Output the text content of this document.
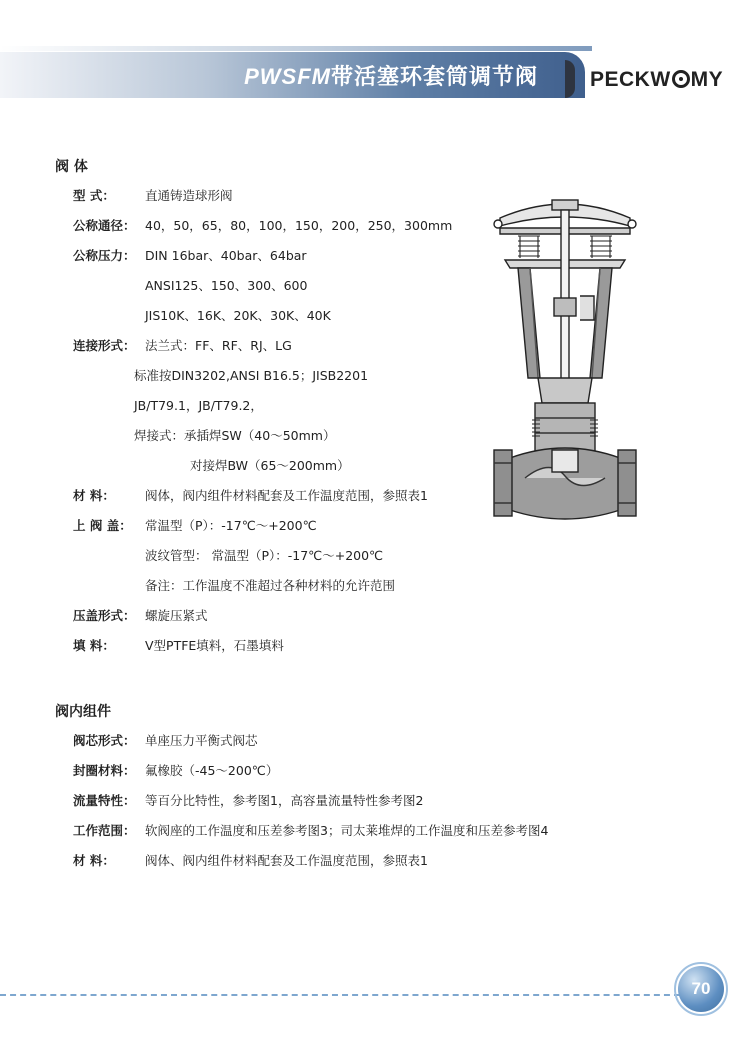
PWSFM带活塞环套筒调节阀 PECKW MY
阀 体
型 式： 直通铸造球形阀
公称通径： 40，50，65，80，100，150，200，250，300mm
公称压力： DIN 16bar、40bar、64bar
ANSI125、150、300、600
JIS10K、16K、20K、30K、40K
连接形式： 法兰式：FF、RF、RJ、LG
标准按DIN3202,ANSI B16.5；JISB2201
JB/T79.1，JB/T79.2，
焊接式：承插焊SW（40～50mm）
对接焊BW（65～200mm）
材 料： 阀体，阀内组件材料配套及工作温度范围，参照表1
上 阀 盖： 常温型（P）：-17℃～+200℃
波纹管型： 常温型（P）：-17℃～+200℃
备注：工作温度不准超过各种材料的允许范围
压盖形式： 螺旋压紧式
填 料： V型PTFE填料，石墨填料
阀内组件
阀芯形式： 单座压力平衡式阀芯
封圈材料： 氟橡胶（-45～200℃）
流量特性： 等百分比特性，参考图1，高容量流量特性参考图2
工作范围： 软阀座的工作温度和压差参考图3；司太莱堆焊的工作温度和压差参考图4
材 料： 阀体、阀内组件材料配套及工作温度范围，参照表1
70
